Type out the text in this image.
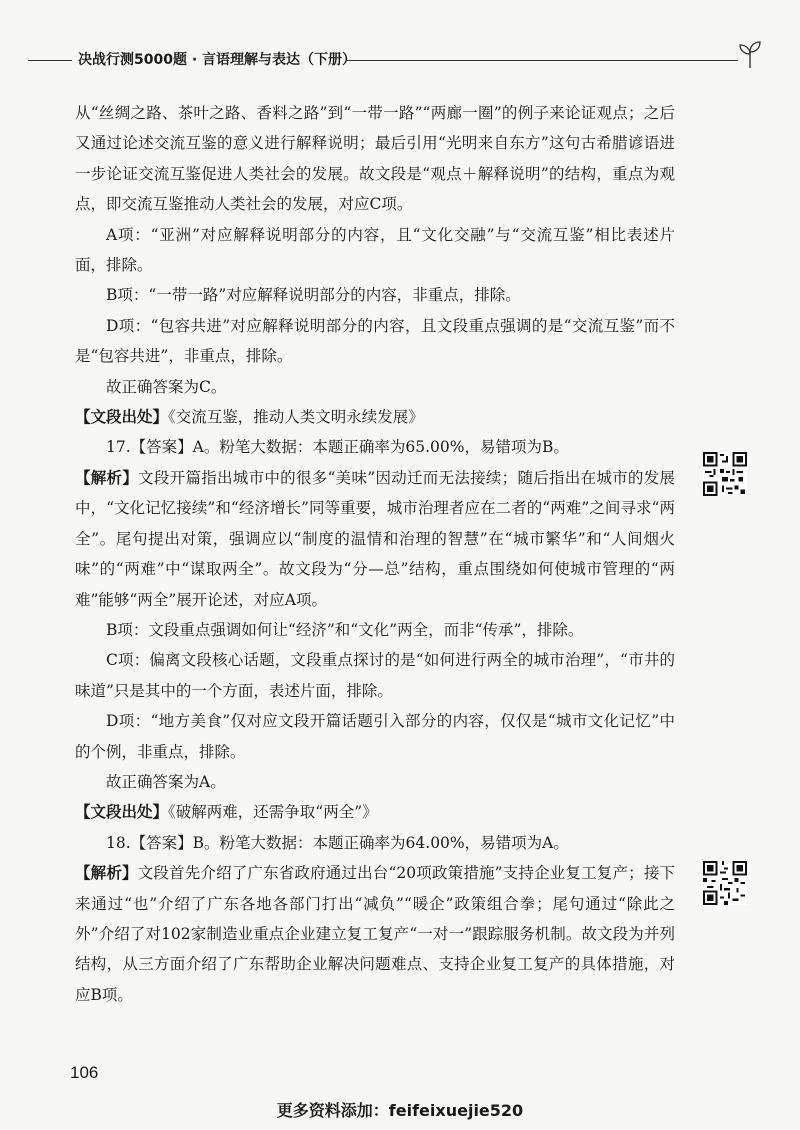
决战行测5000题 · 言语理解与表达（下册）

从“丝绸之路、茶叶之路、香料之路”到“一带一路”“两廊一圈”的例子来论证观点；之后又通过论述交流互鉴的意义进行解释说明；最后引用“光明来自东方”这句古希腊谚语进一步论证交流互鉴促进人类社会的发展。故文段是“观点＋解释说明”的结构，重点为观点，即交流互鉴推动人类社会的发展，对应C项。

A项：“亚洲”对应解释说明部分的内容，且“文化交融”与“交流互鉴”相比表述片面，排除。

B项：“一带一路”对应解释说明部分的内容，非重点，排除。

D项：“包容共进”对应解释说明部分的内容，且文段重点强调的是“交流互鉴”而不是“包容共进”，非重点，排除。

故正确答案为C。

【文段出处】《交流互鉴，推动人类文明永续发展》

17.【答案】A。粉笔大数据：本题正确率为65.00%，易错项为B。

【解析】文段开篇指出城市中的很多“美味”因动迁而无法接续；随后指出在城市的发展中，“文化记忆接续”和“经济增长”同等重要，城市治理者应在二者的“两难”之间寻求“两全”。尾句提出对策，强调应以“制度的温情和治理的智慧”在“城市繁华”和“人间烟火味”的“两难”中“谋取两全”。故文段为“分—总”结构，重点围绕如何使城市管理的“两难”能够“两全”展开论述，对应A项。

B项：文段重点强调如何让“经济”和“文化”两全，而非“传承”，排除。

C项：偏离文段核心话题，文段重点探讨的是“如何进行两全的城市治理”，“市井的味道”只是其中的一个方面，表述片面，排除。

D项：“地方美食”仅对应文段开篇话题引入部分的内容，仅仅是“城市文化记忆”中的个例，非重点，排除。

故正确答案为A。

【文段出处】《破解两难，还需争取“两全”》

18.【答案】B。粉笔大数据：本题正确率为64.00%，易错项为A。

【解析】文段首先介绍了广东省政府通过出台“20项政策措施”支持企业复工复产；接下来通过“也”介绍了广东各地各部门打出“减负”“暖企”政策组合拳；尾句通过“除此之外”介绍了对102家制造业重点企业建立复工复产“一对一”跟踪服务机制。故文段为并列结构，从三方面介绍了广东帮助企业解决问题难点、支持企业复工复产的具体措施，对应B项。

106
更多资料添加：feifeixuejie520
